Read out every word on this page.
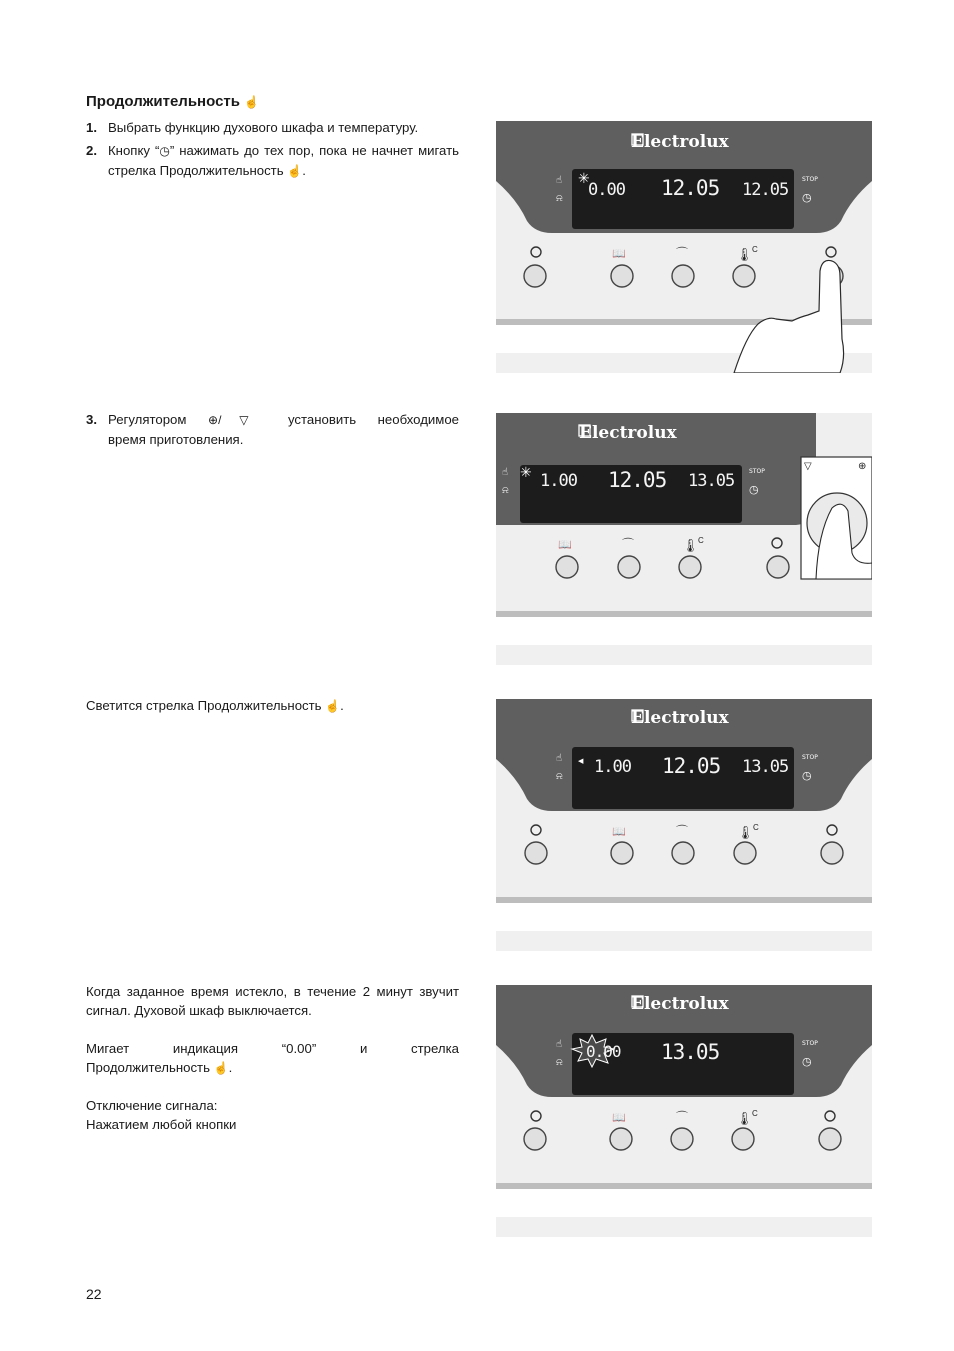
Продолжительность ☝
1. Выбрать функцию духового шкафа и температуру.
2. Кнопку “◷” нажимать до тех пор, пока не начнет мигать стрелка Продолжительность ☝.
3. Регулятором ⊕/▽ установить необходимое
время приготовления.
Светится стрелка Продолжительность ☝.
Когда заданное время истекло, в течение 2 минут звучит сигнал. Духовой шкаф выключается.
Мигает	индикация	“0.00”	и	стрелка
Продолжительность ☝.
Отключение сигнала:
Нажатием любой кнопки
22
Electrolux
☝
⍾
STOP
◷
✳
0.00 12.05 12.05
📖	⌒	🌡 C
Electrolux
☝
⍾
STOP
◷
✳ 1.00 12.05 13.05
📖	⌒	🌡 C
▽	⊕
Electrolux
☝
⍾
STOP
◷
◀ 1.00 12.05 13.05
📖	⌒	🌡 C
Electrolux
☝
⍾
STOP
◷
0.00 13.05
📖	⌒	🌡 C
